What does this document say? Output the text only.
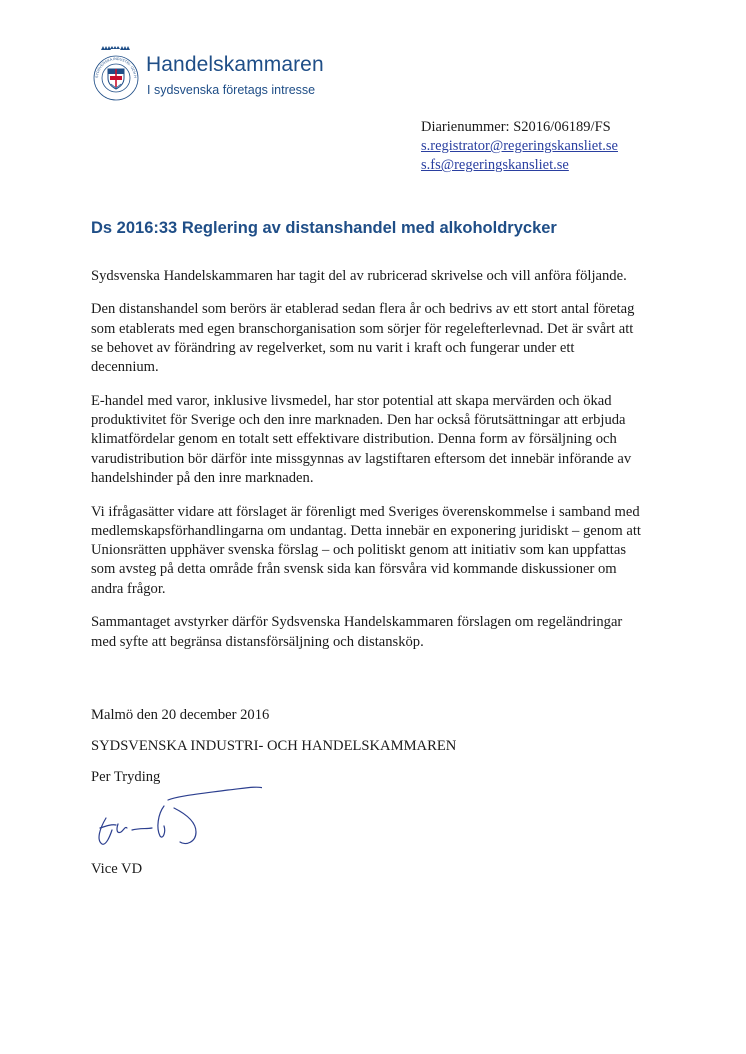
SYDSVENSKA INDUSTRI- OCH H
Handelskammaren
I sydsvenska företags intresse
Diarienummer: S2016/06189/FS
s.registrator@regeringskansliet.se
s.fs@regeringskansliet.se
Ds 2016:33 Reglering av distanshandel med alkoholdrycker

Sydsvenska Handelskammaren har tagit del av rubricerad skrivelse och vill anföra följande.

Den distanshandel som berörs är etablerad sedan flera år och bedrivs av ett stort antal företag
som etablerats med egen branschorganisation som sörjer för regelefterlevnad. Det är svårt att
se behovet av förändring av regelverket, som nu varit i kraft och fungerar under ett
decennium.

E-handel med varor, inklusive livsmedel, har stor potential att skapa mervärden och ökad
produktivitet för Sverige och den inre marknaden. Den har också förutsättningar att erbjuda
klimatfördelar genom en totalt sett effektivare distribution. Denna form av försäljning och
varudistribution bör därför inte missgynnas av lagstiftaren eftersom det innebär införande av
handelshinder på den inre marknaden.

Vi ifrågasätter vidare att förslaget är förenligt med Sveriges överenskommelse i samband med
medlemskapsförhandlingarna om undantag. Detta innebär en exponering juridiskt – genom att
Unionsrätten upphäver svenska förslag – och politiskt genom att initiativ som kan uppfattas
som avsteg på detta område från svensk sida kan försvåra vid kommande diskussioner om
andra frågor.

Sammantaget avstyrker därför Sydsvenska Handelskammaren förslagen om regeländringar
med syfte att begränsa distansförsäljning och distansköp.

Malmö den 20 december 2016
SYDSVENSKA INDUSTRI- OCH HANDELSKAMMAREN
Per Tryding
Vice VD
